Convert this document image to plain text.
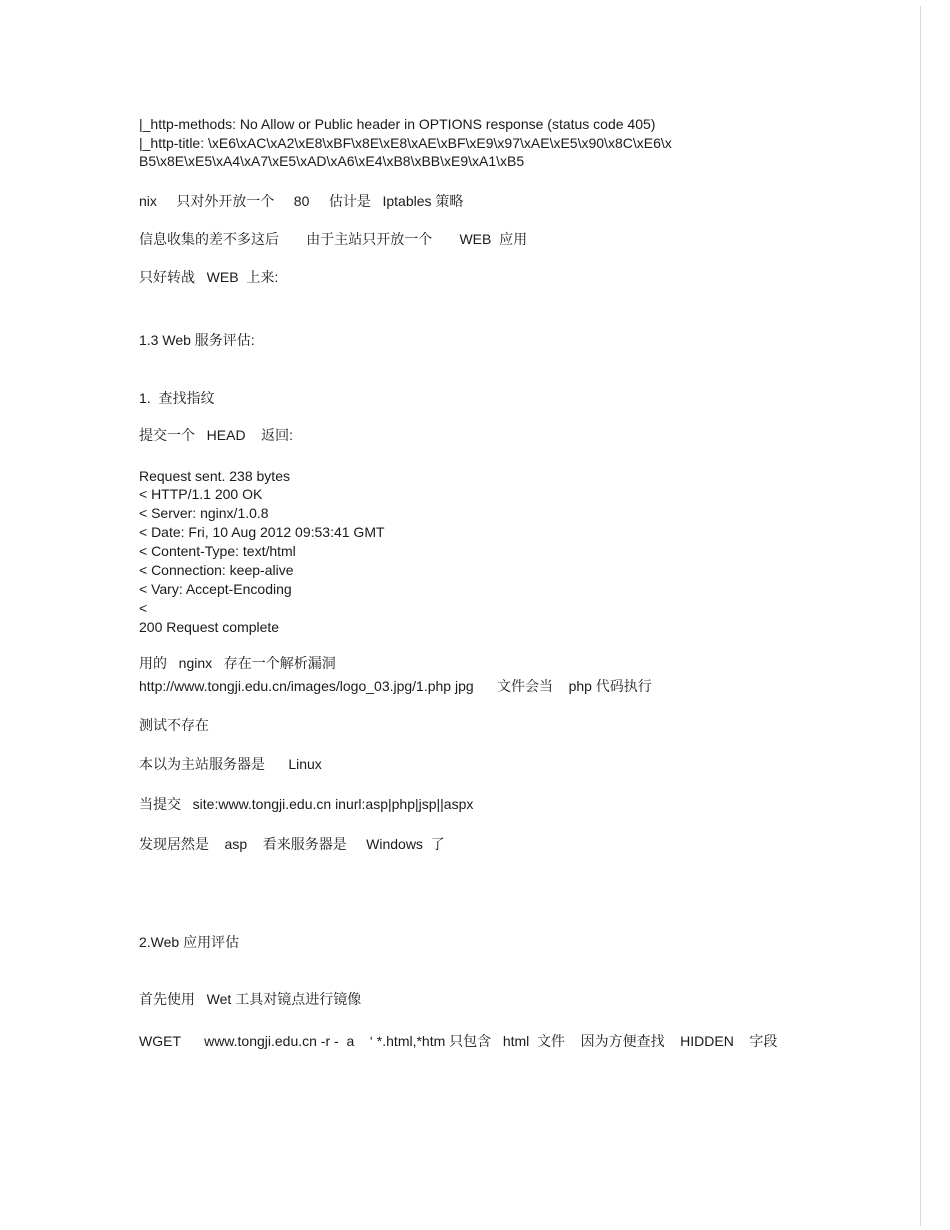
|_http-methods: No Allow or Public header in OPTIONS response (status code 405)
|_http-title: \xE6\xAC\xA2\xE8\xBF\x8E\xE8\xAE\xBF\xE9\x97\xAE\xE5\x90\x8C\xE6\x
B5\x8E\xE5\xA4\xA7\xE5\xAD\xA6\xE4\xB8\xBB\xE9\xA1\xB5
nix     只对外开放一个     80     估计是   Iptables 策略
信息收集的差不多这后       由于主站只开放一个       WEB  应用
只好转战   WEB  上来:
1.3 Web 服务评估:
1.  查找指纹
提交一个   HEAD    返回:
Request sent. 238 bytes
< HTTP/1.1 200 OK
< Server: nginx/1.0.8
< Date: Fri, 10 Aug 2012 09:53:41 GMT
< Content-Type: text/html
< Connection: keep-alive
< Vary: Accept-Encoding
<
200 Request complete
用的   nginx   存在一个解析漏洞
http://www.tongji.edu.cn/images/logo_03.jpg/1.php jpg      文件会当    php 代码执行
测试不存在
本以为主站服务器是      Linux
当提交   site:www.tongji.edu.cn inurl:asp|php|jsp||aspx
发现居然是    asp    看来服务器是     Windows  了
2.Web 应用评估
首先使用   Wet 工具对镜点进行镜像
WGET      www.tongji.edu.cn -r -  a    ‘ *.html,*htm 只包含   html  文件    因为方便查找    HIDDEN    字段
